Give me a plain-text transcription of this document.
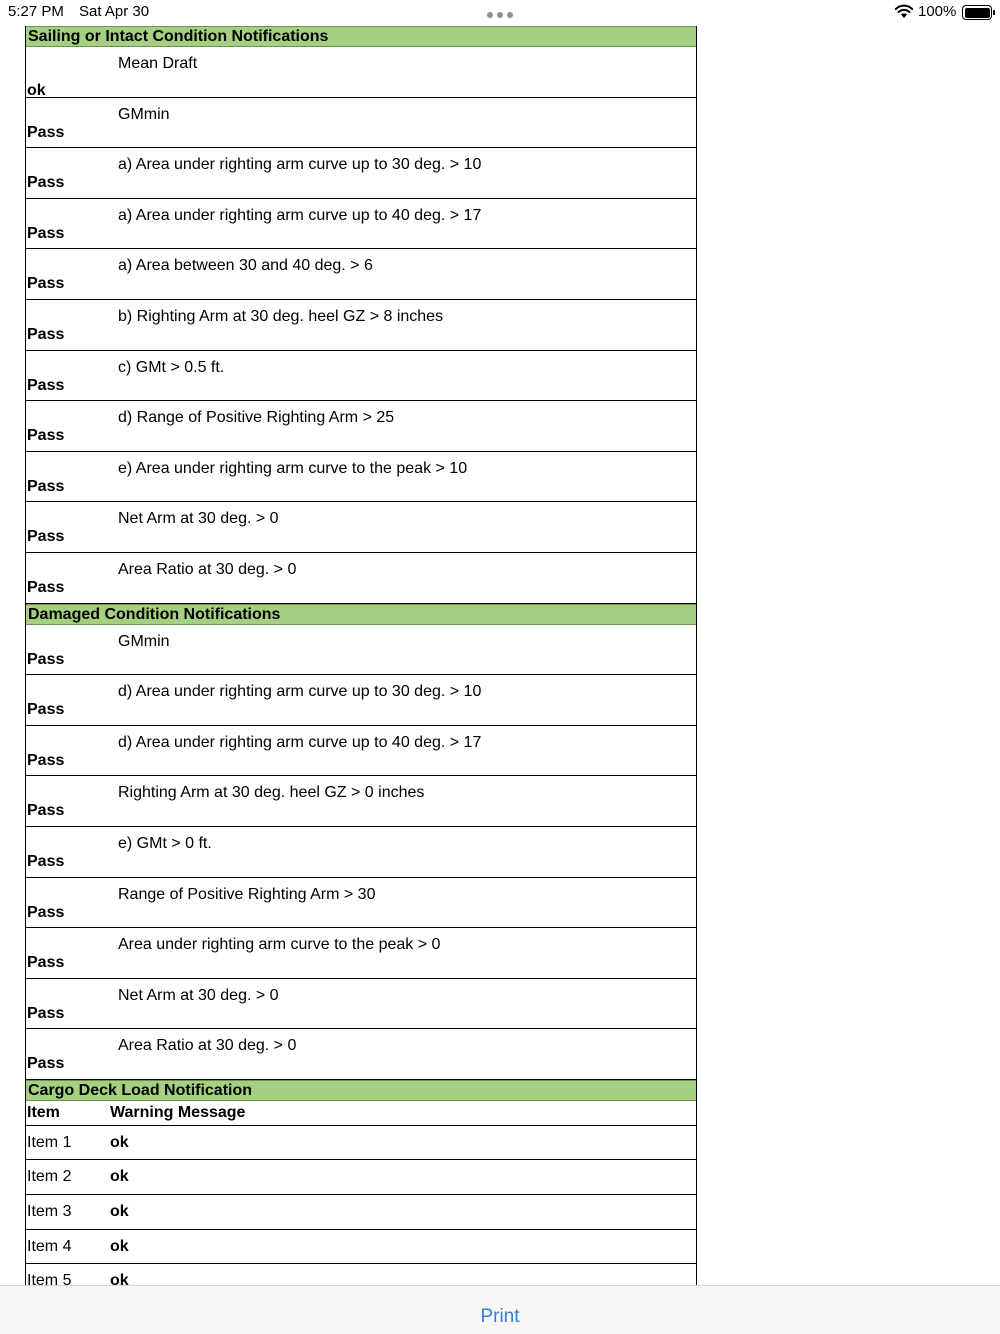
5:27 PM Sat Apr 30	100%
Sailing or Intact Condition Notifications
ok
Mean Draft
Pass
GMmin
Pass
a) Area under righting arm curve up to 30 deg. > 10
Pass
a) Area under righting arm curve up to 40 deg. > 17
Pass
a) Area between 30 and 40 deg. > 6
Pass
b) Righting Arm at 30 deg. heel GZ > 8 inches
Pass
c) GMt > 0.5 ft.
Pass
d) Range of Positive Righting Arm > 25
Pass
e) Area under righting arm curve to the peak > 10
Pass
Net Arm at 30 deg. > 0
Pass
Area Ratio at 30 deg. > 0
Damaged Condition Notifications
Pass
GMmin
Pass
d) Area under righting arm curve up to 30 deg. > 10
Pass
d) Area under righting arm curve up to 40 deg. > 17
Pass
Righting Arm at 30 deg. heel GZ > 0 inches
Pass
e) GMt > 0 ft.
Pass
Range of Positive Righting Arm > 30
Pass
Area under righting arm curve to the peak > 0
Pass
Net Arm at 30 deg. > 0
Pass
Area Ratio at 30 deg. > 0
Cargo Deck Load Notification
Item	Warning Message
Item 1 ok
Item 2 ok
Item 3 ok
Item 4 ok
Item 5 ok
Print
